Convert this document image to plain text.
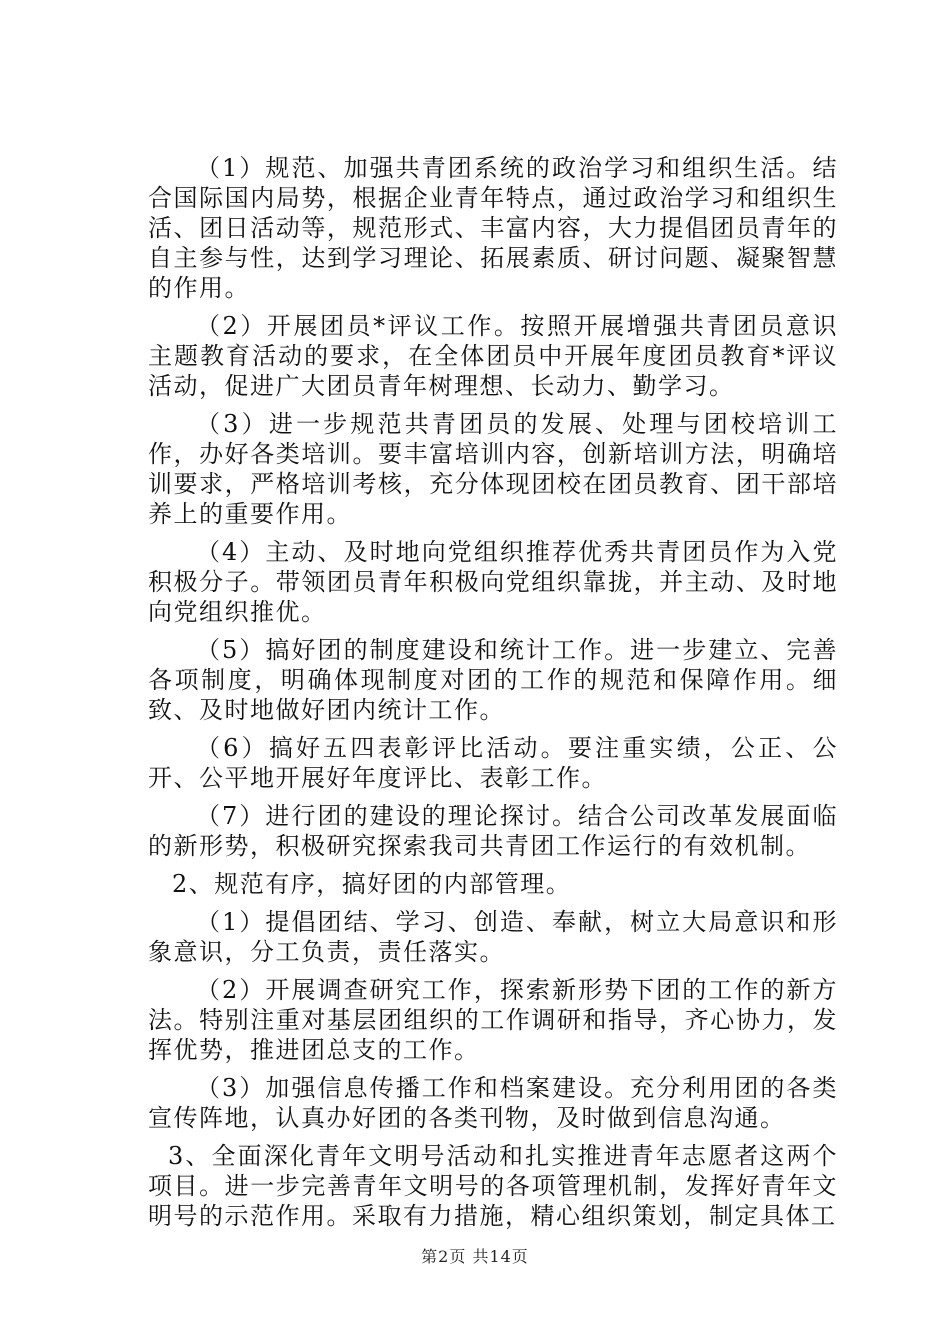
（1）规范、加强共青团系统的政治学习和组织生活。结合国际国内局势，根据企业青年特点，通过政治学习和组织生活、团日活动等，规范形式、丰富内容，大力提倡团员青年的自主参与性，达到学习理论、拓展素质、研讨问题、凝聚智慧的作用。

（2）开展团员*评议工作。按照开展增强共青团员意识主题教育活动的要求，在全体团员中开展年度团员教育*评议活动，促进广大团员青年树理想、长动力、勤学习。

（3）进一步规范共青团员的发展、处理与团校培训工作，办好各类培训。要丰富培训内容，创新培训方法，明确培训要求，严格培训考核，充分体现团校在团员教育、团干部培养上的重要作用。

（4）主动、及时地向党组织推荐优秀共青团员作为入党积极分子。带领团员青年积极向党组织靠拢，并主动、及时地向党组织推优。

（5）搞好团的制度建设和统计工作。进一步建立、完善各项制度，明确体现制度对团的工作的规范和保障作用。细致、及时地做好团内统计工作。

（6）搞好五四表彰评比活动。要注重实绩，公正、公开、公平地开展好年度评比、表彰工作。

（7）进行团的建设的理论探讨。结合公司改革发展面临的新形势，积极研究探索我司共青团工作运行的有效机制。

2、规范有序，搞好团的内部管理。

（1）提倡团结、学习、创造、奉献，树立大局意识和形象意识，分工负责，责任落实。

（2）开展调查研究工作，探索新形势下团的工作的新方法。特别注重对基层团组织的工作调研和指导，齐心协力，发挥优势，推进团总支的工作。

（3）加强信息传播工作和档案建设。充分利用团的各类宣传阵地，认真办好团的各类刊物，及时做到信息沟通。

3、全面深化青年文明号活动和扎实推进青年志愿者这两个项目。进一步完善青年文明号的各项管理机制，发挥好青年文明号的示范作用。采取有力措施，精心组织策划，制定具体工

第2页 共14页
